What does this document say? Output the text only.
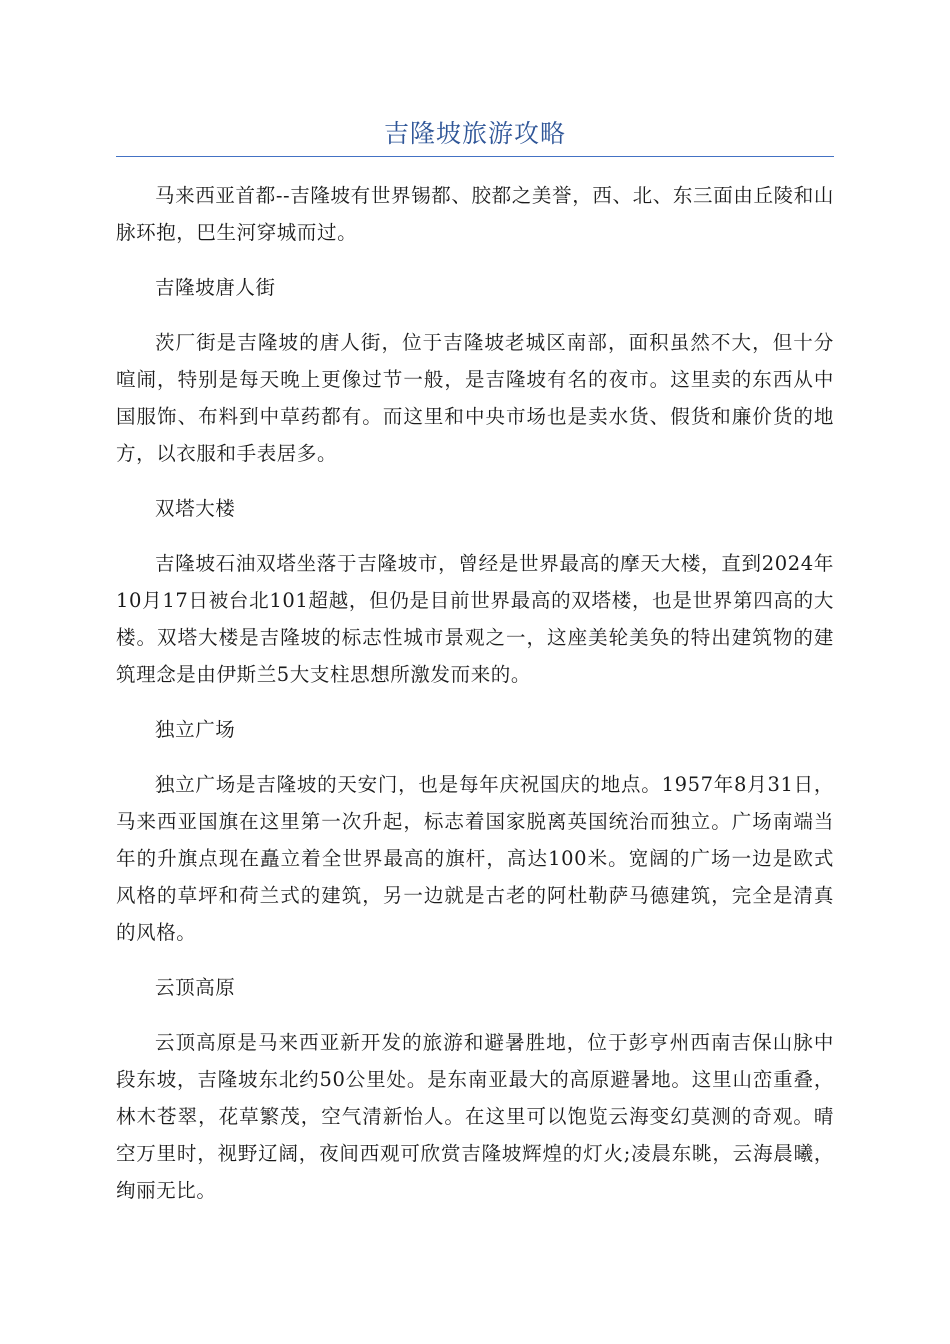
吉隆坡旅游攻略

马来西亚首都--吉隆坡有世界锡都、胶都之美誉，西、北、东三面由丘陵和山脉环抱，巴生河穿城而过。

吉隆坡唐人街

茨厂街是吉隆坡的唐人街，位于吉隆坡老城区南部，面积虽然不大，但十分喧闹，特别是每天晚上更像过节一般，是吉隆坡有名的夜市。这里卖的东西从中国服饰、布料到中草药都有。而这里和中央市场也是卖水货、假货和廉价货的地方，以衣服和手表居多。

双塔大楼

吉隆坡石油双塔坐落于吉隆坡市，曾经是世界最高的摩天大楼，直到2024年10月17日被台北101超越，但仍是目前世界最高的双塔楼，也是世界第四高的大楼。双塔大楼是吉隆坡的标志性城市景观之一，这座美轮美奂的特出建筑物的建筑理念是由伊斯兰5大支柱思想所激发而来的。

独立广场

独立广场是吉隆坡的天安门，也是每年庆祝国庆的地点。1957年8月31日，马来西亚国旗在这里第一次升起，标志着国家脱离英国统治而独立。广场南端当年的升旗点现在矗立着全世界最高的旗杆，高达100米。宽阔的广场一边是欧式风格的草坪和荷兰式的建筑，另一边就是古老的阿杜勒萨马德建筑，完全是清真的风格。

云顶高原

云顶高原是马来西亚新开发的旅游和避暑胜地，位于彭亨州西南吉保山脉中段东坡，吉隆坡东北约50公里处。是东南亚最大的高原避暑地。这里山峦重叠，林木苍翠，花草繁茂，空气清新怡人。在这里可以饱览云海变幻莫测的奇观。晴空万里时，视野辽阔，夜间西观可欣赏吉隆坡辉煌的灯火;凌晨东眺，云海晨曦，绚丽无比。
